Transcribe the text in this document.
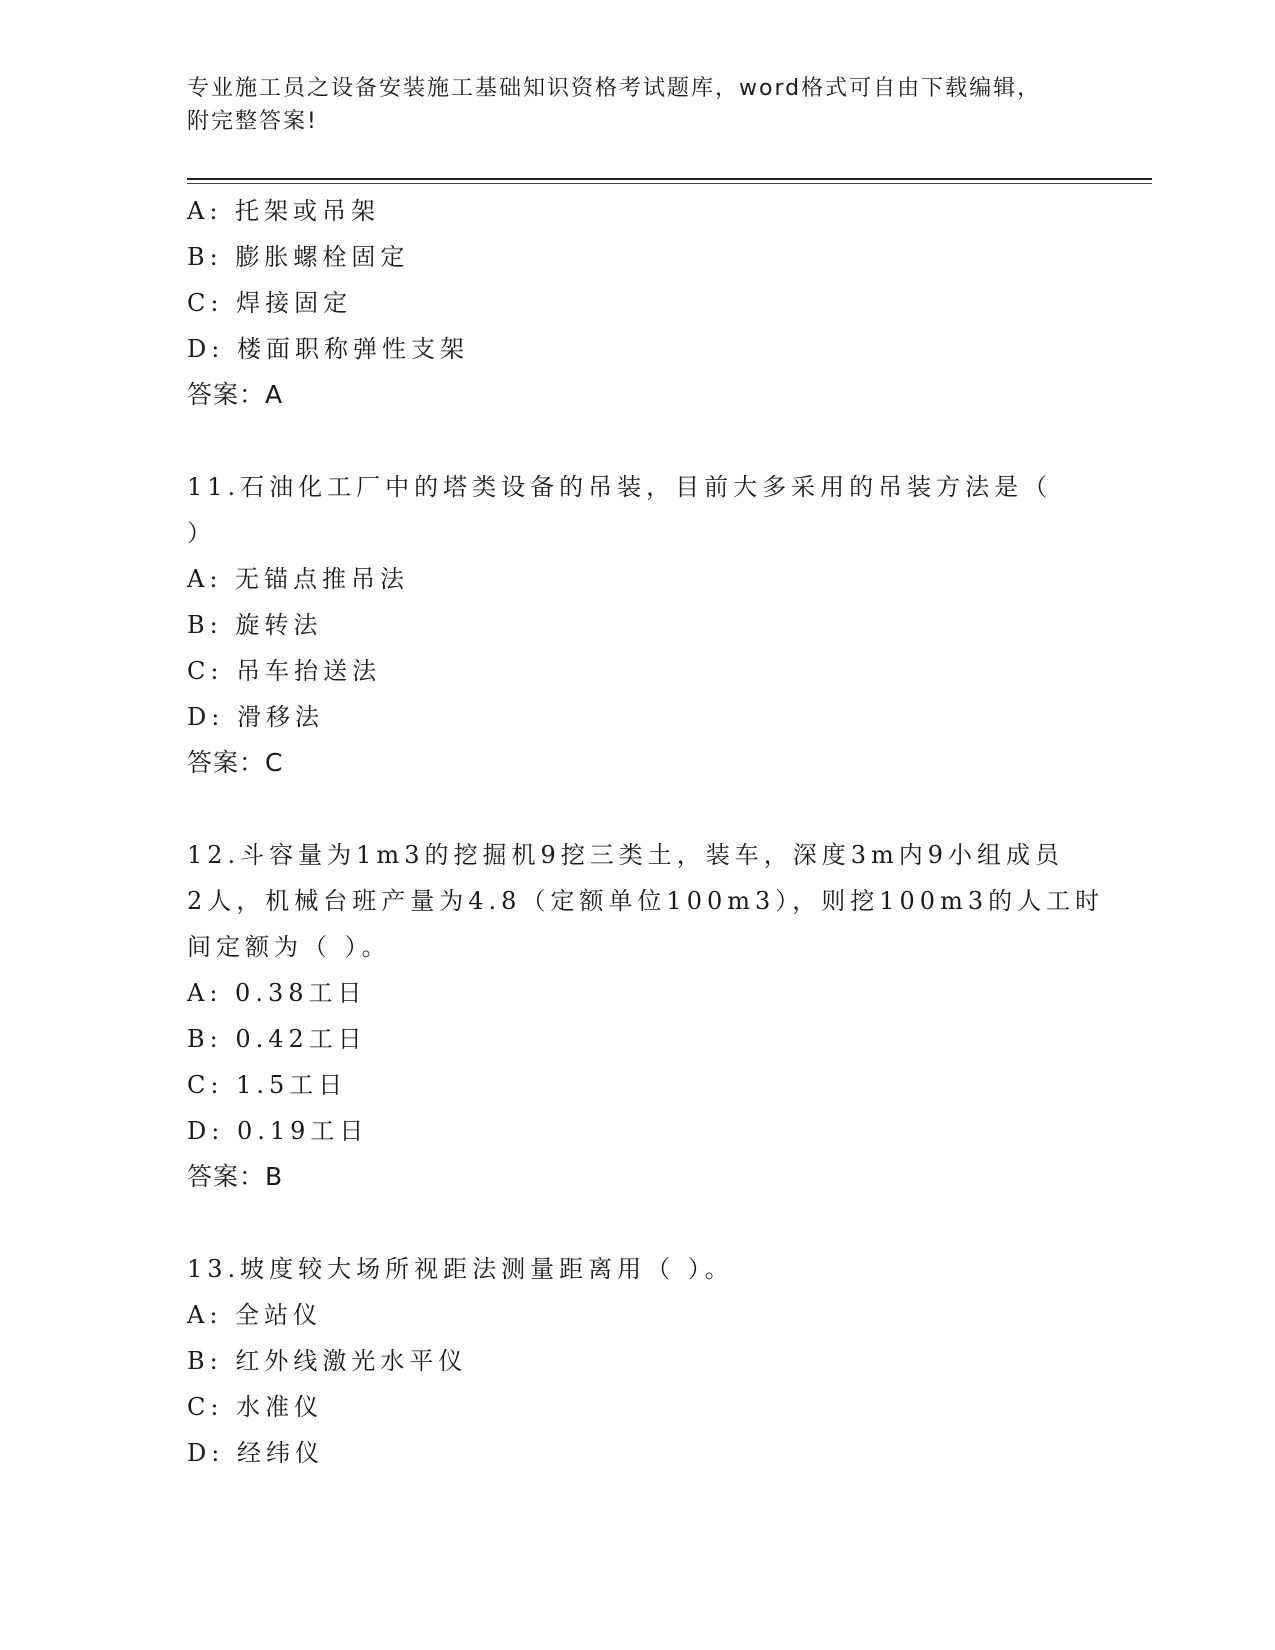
专业施工员之设备安装施工基础知识资格考试题库，word格式可自由下载编辑，
附完整答案!
A: 托架或吊架
B: 膨胀螺栓固定
C: 焊接固定
D: 楼面职称弹性支架
答案：A
11.石油化工厂中的塔类设备的吊装，目前大多采用的吊装方法是（
）
A: 无锚点推吊法
B: 旋转法
C: 吊车抬送法
D: 滑移法
答案：C
12.斗容量为1m3的挖掘机9挖三类土，装车，深度3m内9小组成员
2人，机械台班产量为4.8（定额单位100m3），则挖100m3的人工时
间定额为（ ）。
A: 0.38工日
B: 0.42工日
C: 1.5工日
D: 0.19工日
答案：B
13.坡度较大场所视距法测量距离用（ ）。
A: 全站仪
B: 红外线激光水平仪
C: 水准仪
D: 经纬仪
